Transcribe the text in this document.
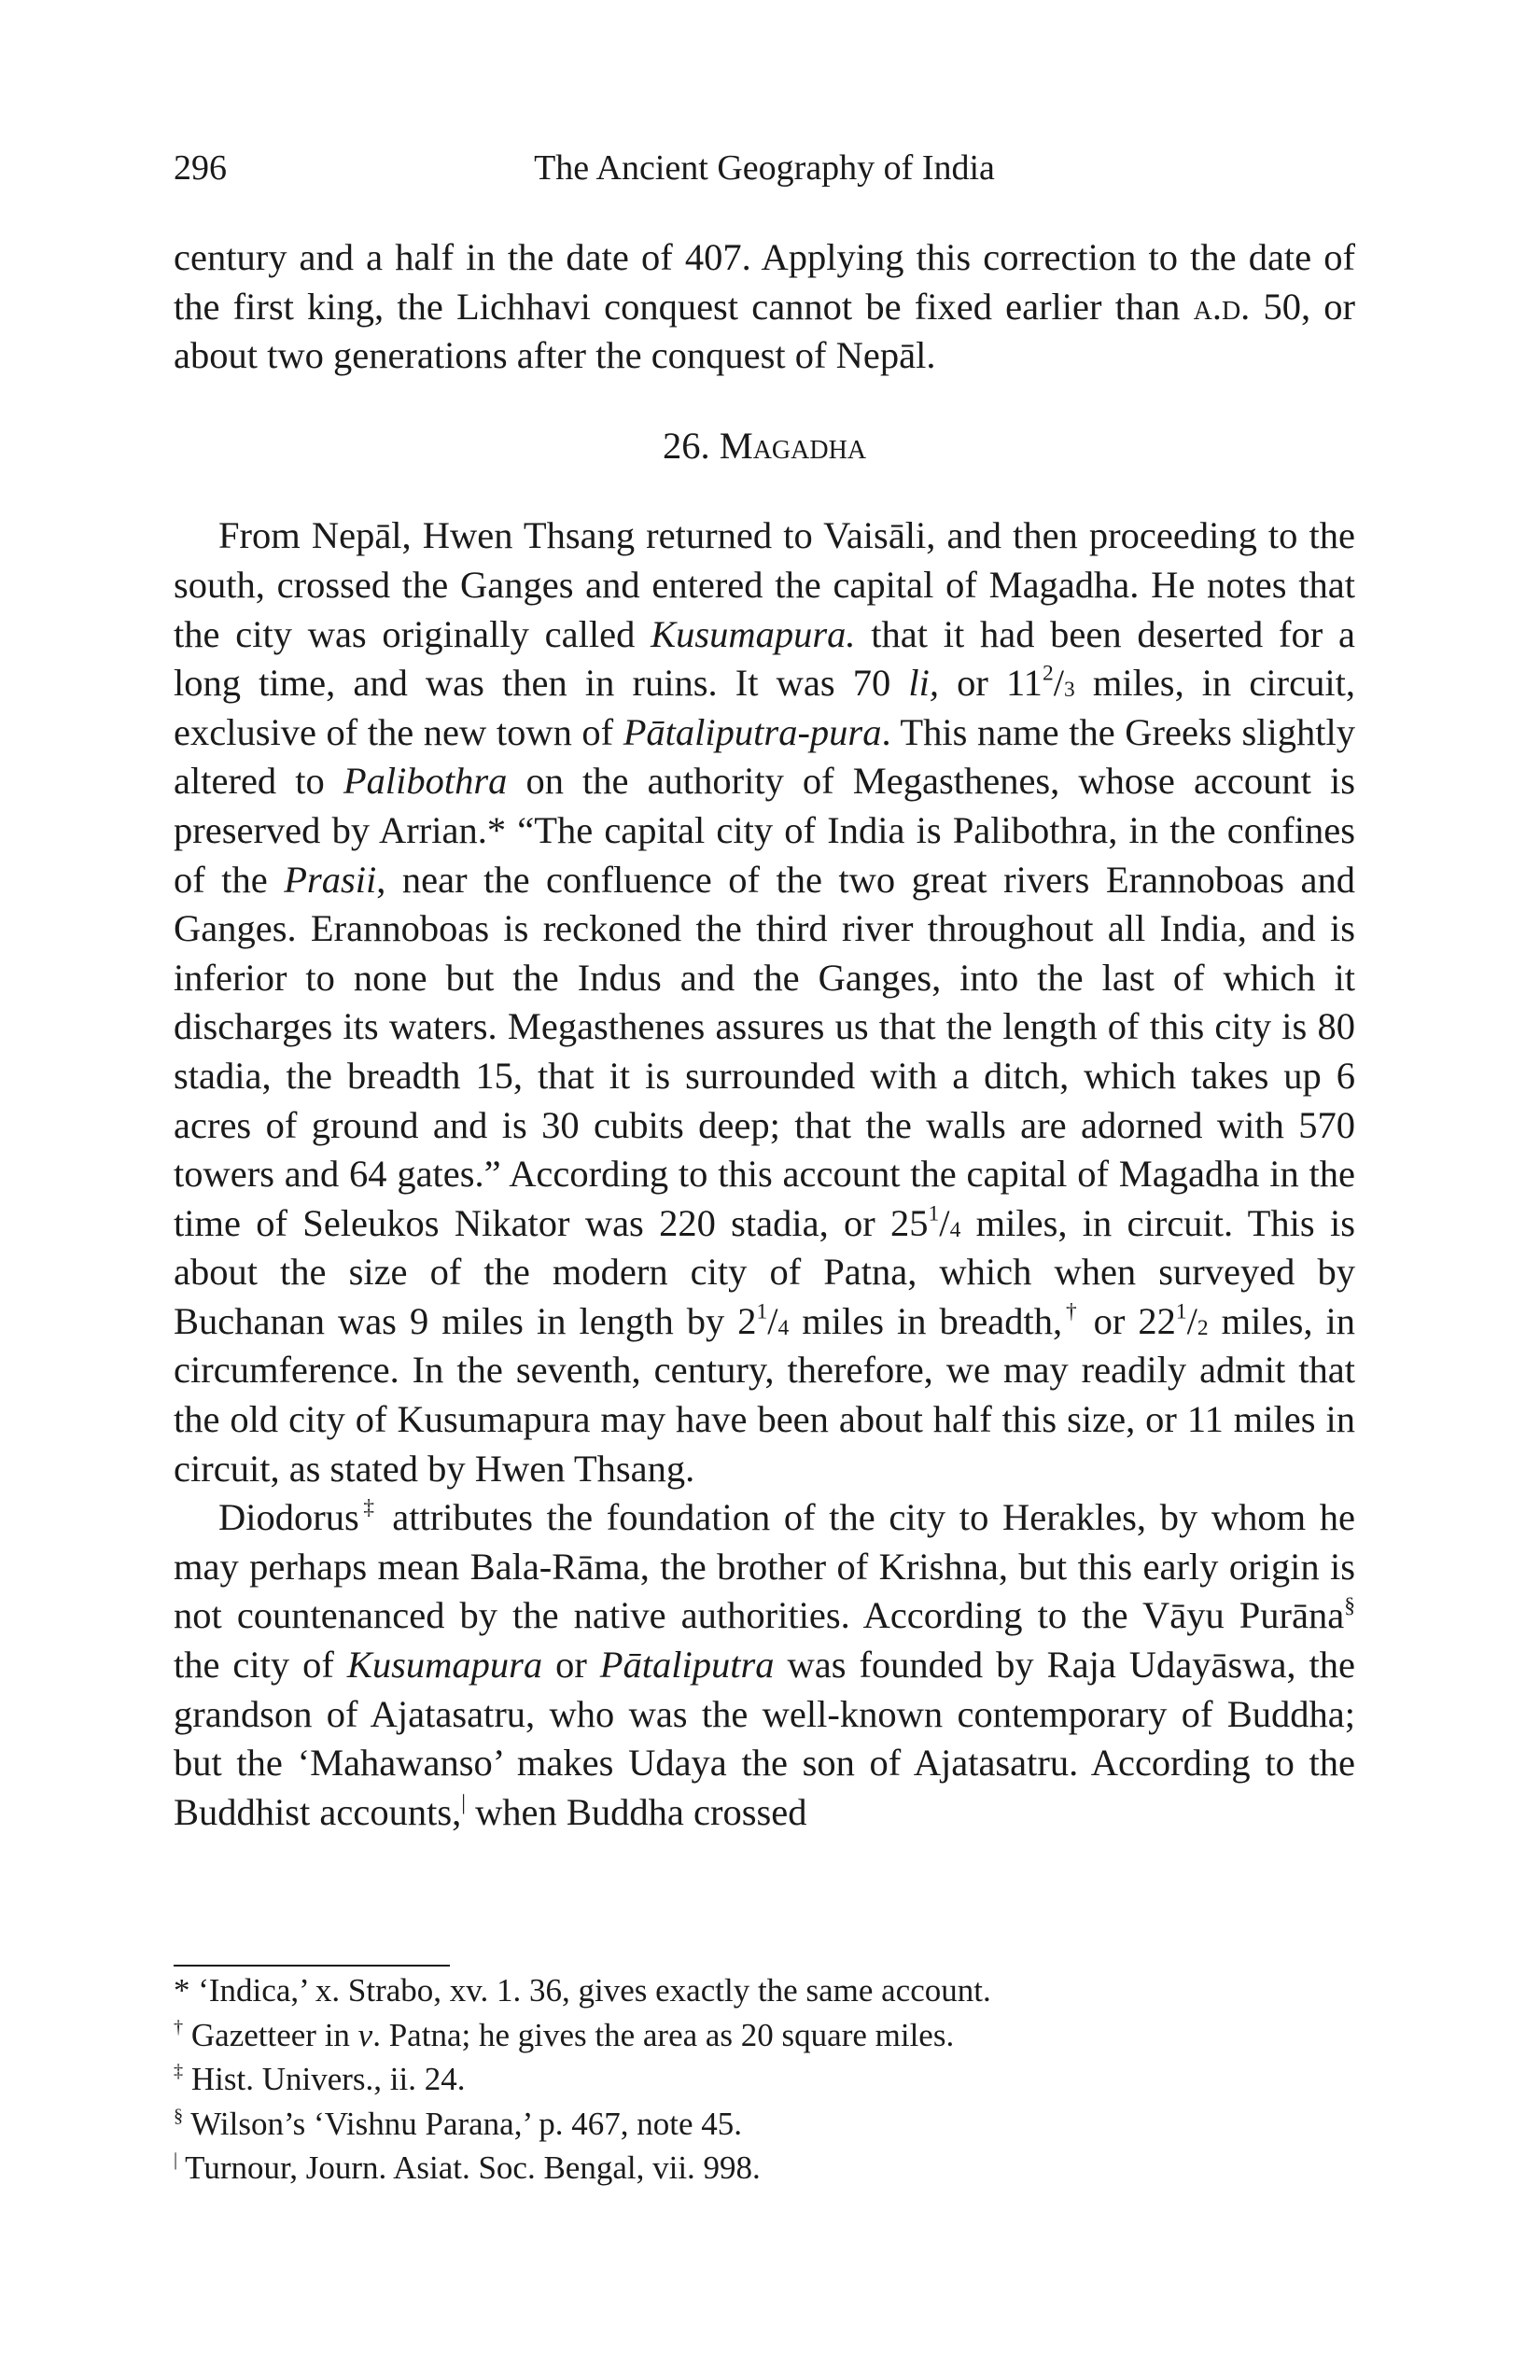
296	The Ancient Geography of India

century and a half in the date of 407. Applying this correction to the date of the first king, the Lichhavi conquest cannot be fixed earlier than a.d. 50, or about two generations after the conquest of Nepāl.

26. Magadha

From Nepāl, Hwen Thsang returned to Vaisāli, and then proceeding to the south, crossed the Ganges and entered the capital of Magadha. He notes that the city was originally called Kusumapura. that it had been deserted for a long time, and was then in ruins. It was 70 li, or $11^2/_3$ miles, in circuit, exclusive of the new town of Pātaliputra-pura. This name the Greeks slightly altered to Palibothra on the authority of Megasthenes, whose account is preserved by Arrian.* “The capital city of India is Palibothra, in the confines of the Prasii, near the confluence of the two great rivers Erannoboas and Ganges. Erannoboas is reckoned the third river throughout all India, and is inferior to none but the Indus and the Ganges, into the last of which it discharges its waters. Megasthenes assures us that the length of this city is 80 stadia, the breadth 15, that it is surrounded with a ditch, which takes up 6 acres of ground and is 30 cubits deep; that the walls are adorned with 570 towers and 64 gates.” According to this account the capital of Magadha in the time of Seleukos Nikator was 220 stadia, or $25^1/_4$ miles, in circuit. This is about the size of the modern city of Patna, which when surveyed by Buchanan was 9 miles in length by $2^1/_4$ miles in breadth,† or $22^1/_2$ miles, in circumference. In the seventh, century, therefore, we may readily admit that the old city of Kusumapura may have been about half this size, or 11 miles in circuit, as stated by Hwen Thsang.

Diodorus‡ attributes the foundation of the city to Herakles, by whom he may perhaps mean Bala-Rāma, the brother of Krishna, but this early origin is not countenanced by the native authorities. According to the Vāyu Purāna§ the city of Kusumapura or Pātaliputra was founded by Raja Udayāswa, the grandson of Ajatasatru, who was the well-known contemporary of Buddha; but the ‘Mahawanso’ makes Udaya the son of Ajatasatru. According to the Buddhist accounts,| when Buddha crossed

* ‘Indica,’ x. Strabo, xv. 1. 36, gives exactly the same account.

† Gazetteer in v. Patna; he gives the area as 20 square miles.

‡ Hist. Univers., ii. 24.

§ Wilson’s ‘Vishnu Parana,’ p. 467, note 45.

| Turnour, Journ. Asiat. Soc. Bengal, vii. 998.
